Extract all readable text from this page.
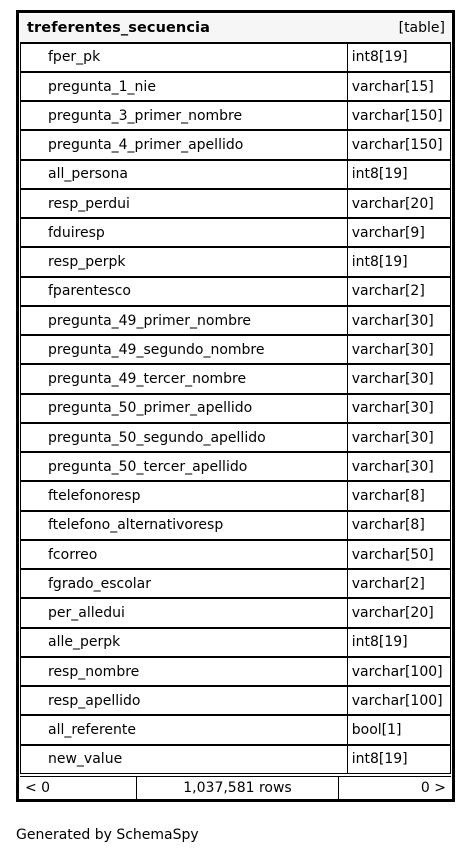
treferentes_secuencia	[table]
fper_pk	int8[19]
pregunta_1_nie	varchar[15]
pregunta_3_primer_nombre	varchar[150]
pregunta_4_primer_apellido	varchar[150]
all_persona	int8[19]
resp_perdui	varchar[20]
fduiresp	varchar[9]
resp_perpk	int8[19]
fparentesco	varchar[2]
pregunta_49_primer_nombre	varchar[30]
pregunta_49_segundo_nombre	varchar[30]
pregunta_49_tercer_nombre	varchar[30]
pregunta_50_primer_apellido	varchar[30]
pregunta_50_segundo_apellido	varchar[30]
pregunta_50_tercer_apellido	varchar[30]
ftelefonoresp	varchar[8]
ftelefono_alternativoresp	varchar[8]
fcorreo	varchar[50]
fgrado_escolar	varchar[2]
per_alledui	varchar[20]
alle_perpk	int8[19]
resp_nombre	varchar[100]
resp_apellido	varchar[100]
all_referente	bool[1]
new_value	int8[19]
< 0	1,037,581 rows	0 >
Generated by SchemaSpy
